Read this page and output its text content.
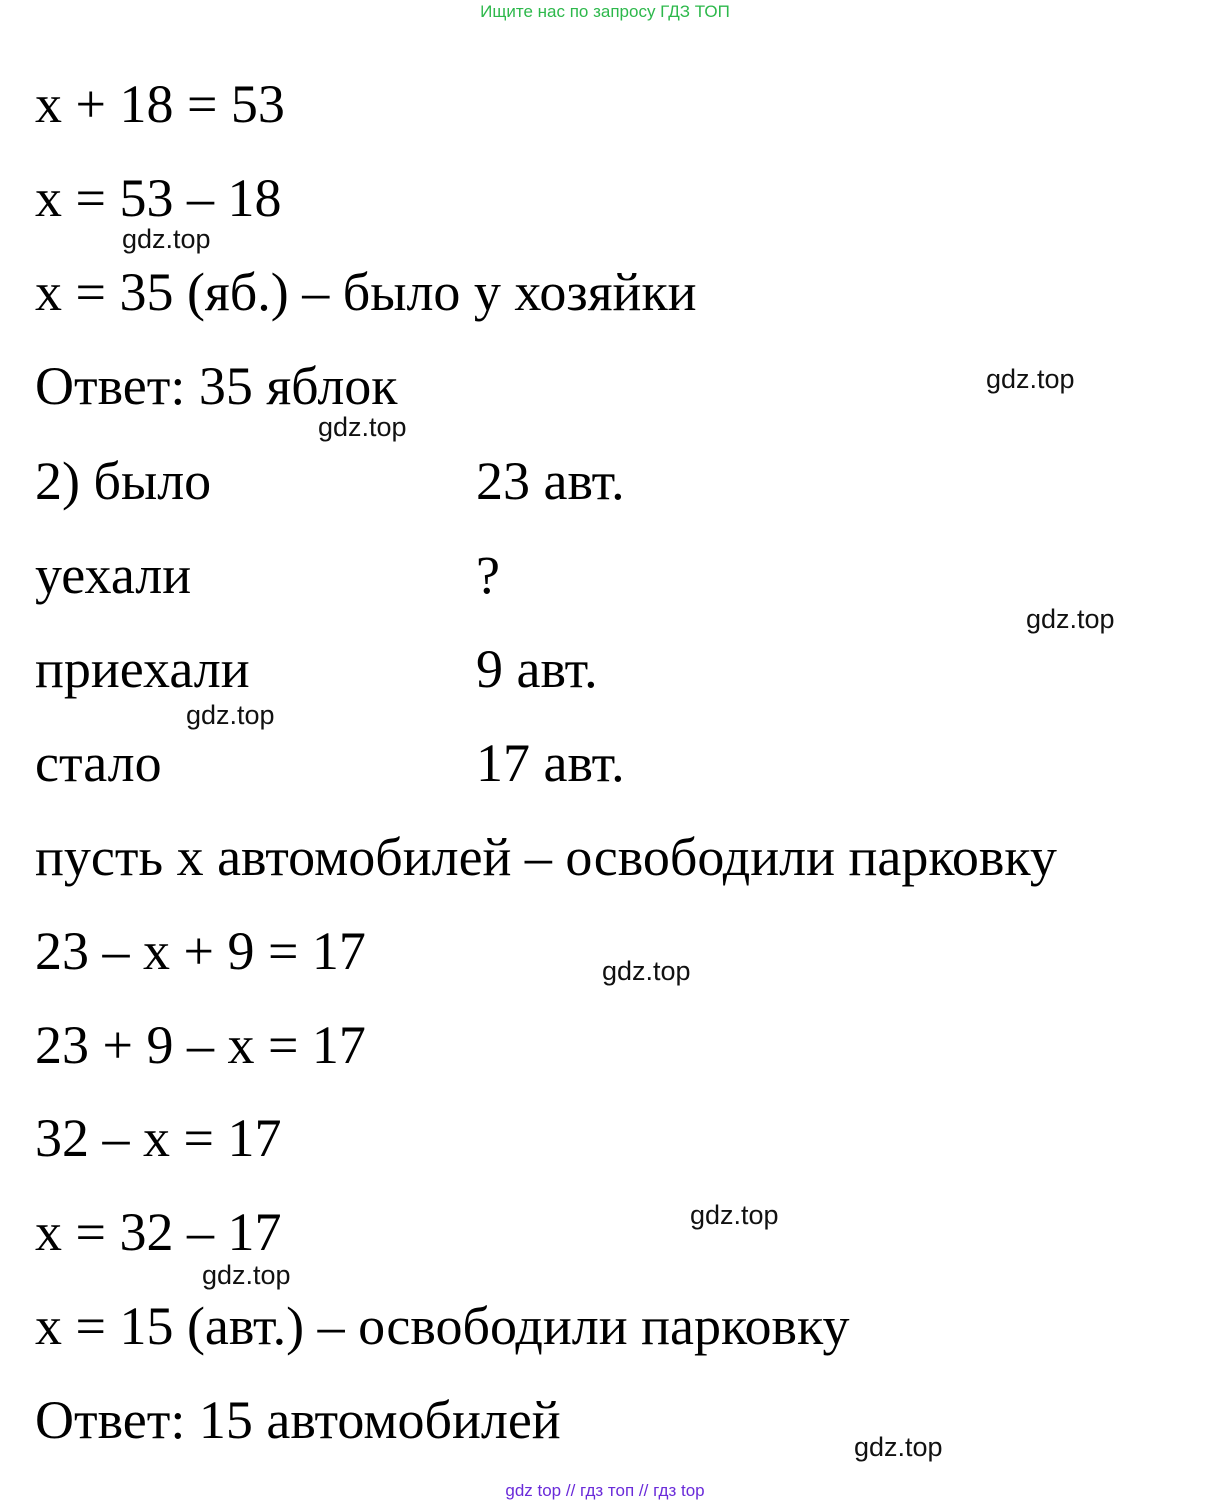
Ищите нас по запросу ГДЗ ТОП
x + 18 = 53
x = 53 – 18
x = 35 (яб.) – было у хозяйки
Ответ: 35 яблок
2) было	23 авт.
уехали	?
приехали	9 авт.
стало	17 авт.
пусть x автомобилей – освободили парковку
23 – x + 9 = 17
23 + 9 – x = 17
32 – x = 17
x = 32 – 17
x = 15 (авт.) – освободили парковку
Ответ: 15 автомобилей
gdz.top
gdz.top
gdz.top
gdz.top
gdz.top
gdz.top
gdz.top
gdz.top
gdz.top
gdz top // гдз топ // гдз top
